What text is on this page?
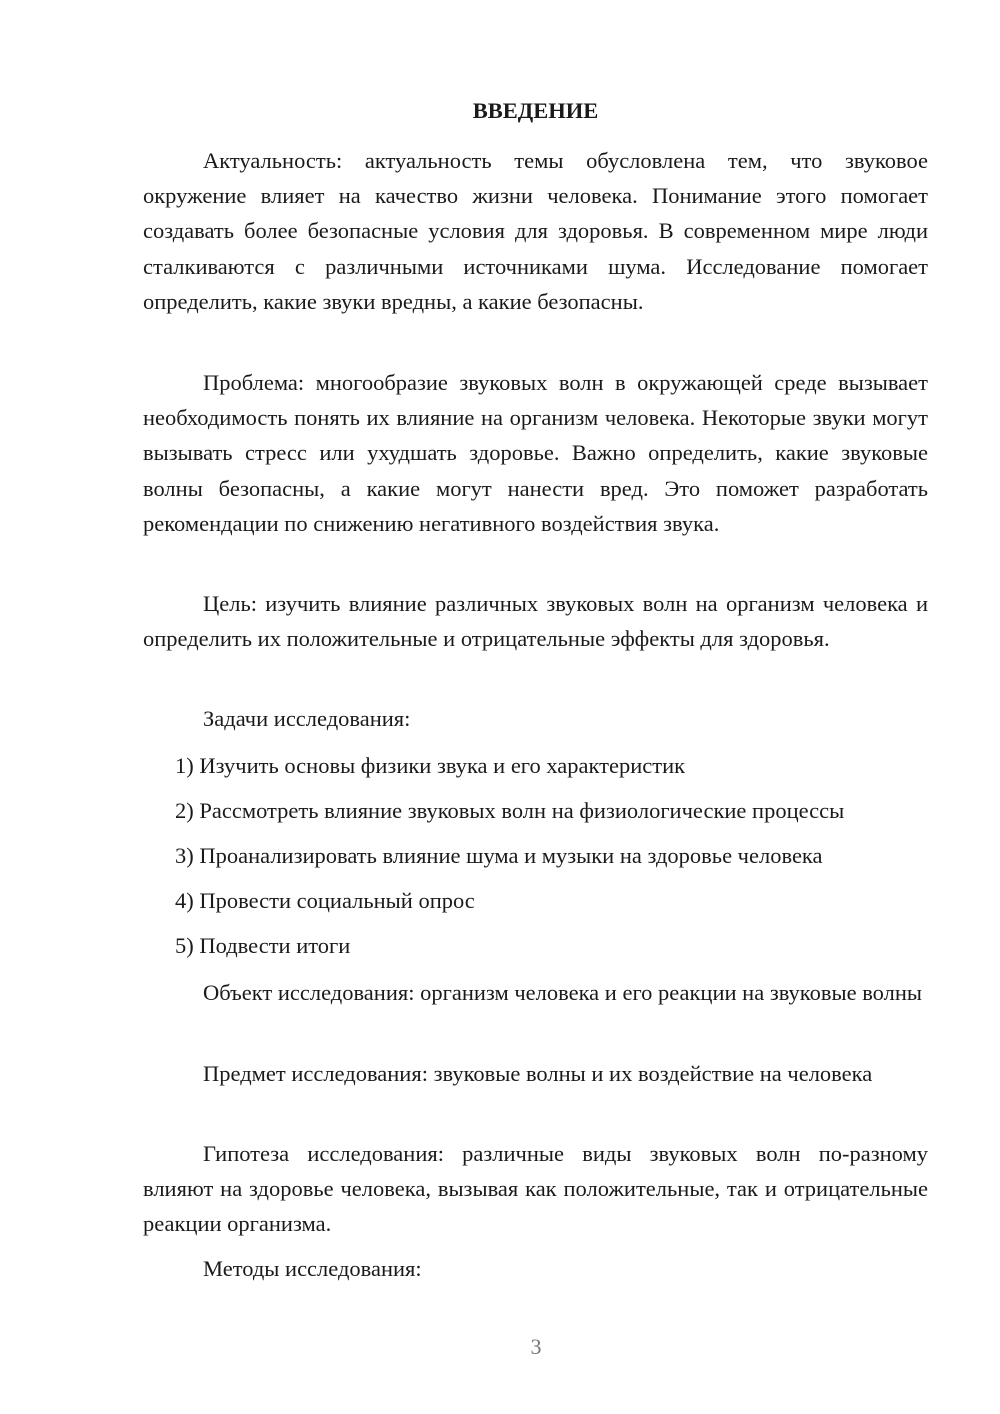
ВВЕДЕНИЕ

Актуальность: актуальность темы обусловлена тем, что звуковое окружение влияет на качество жизни человека. Понимание этого помогает создавать более безопасные условия для здоровья. В современном мире люди сталкиваются с различными источниками шума. Исследование помогает определить, какие звуки вредны, а какие безопасны.

Проблема: многообразие звуковых волн в окружающей среде вызывает необходимость понять их влияние на организм человека. Некоторые звуки могут вызывать стресс или ухудшать здоровье. Важно определить, какие звуковые волны безопасны, а какие могут нанести вред. Это поможет разработать рекомендации по снижению негативного воздействия звука.

Цель: изучить влияние различных звуковых волн на организм человека и определить их положительные и отрицательные эффекты для здоровья.

Задачи исследования:

1) Изучить основы физики звука и его характеристик

2) Рассмотреть влияние звуковых волн на физиологические процессы

3) Проанализировать влияние шума и музыки на здоровье человека

4) Провести социальный опрос

5) Подвести итоги

Объект исследования: организм человека и его реакции на звуковые волны

Предмет исследования: звуковые волны и их воздействие на человека

Гипотеза исследования: различные виды звуковых волн по-разному влияют на здоровье человека, вызывая как положительные, так и отрицательные реакции организма.

Методы исследования:

3
